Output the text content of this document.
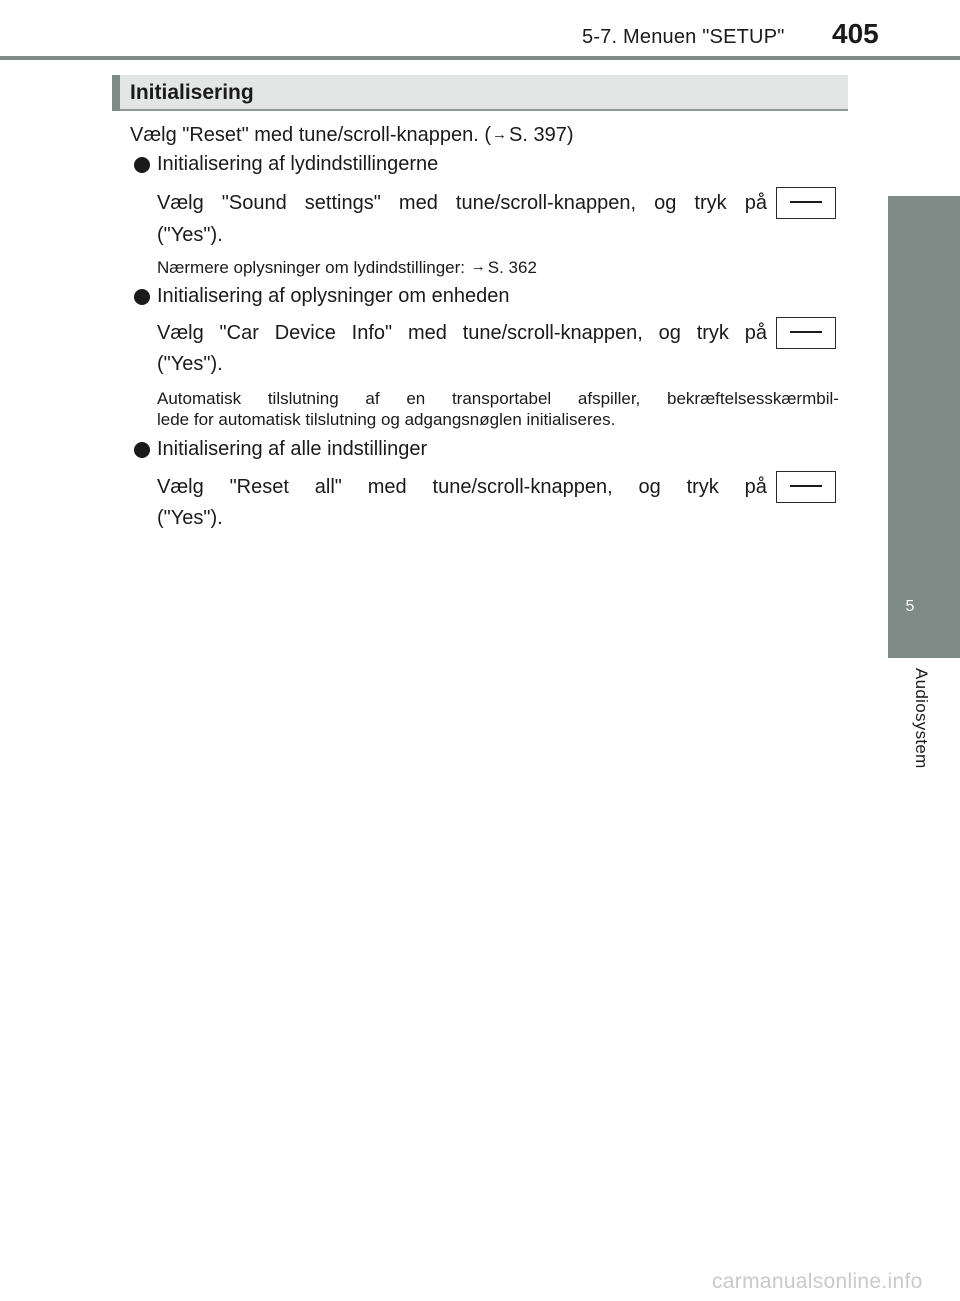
5-7. Menuen "SETUP" 405
5
Audiosystem
Initialisering
Vælg "Reset" med tune/scroll-knappen. (→ S. 397)
Initialisering af lydindstillingerne
Vælg "Sound settings" med tune/scroll-knappen, og tryk på
("Yes").
Nærmere oplysninger om lydindstillinger: → S. 362
Initialisering af oplysninger om enheden
Vælg "Car Device Info" med tune/scroll-knappen, og tryk på
("Yes").
Automatisk tilslutning af en transportabel afspiller, bekræftelsesskærmbil-
lede for automatisk tilslutning og adgangsnøglen initialiseres.
Initialisering af alle indstillinger
Vælg "Reset all" med tune/scroll-knappen, og tryk på
("Yes").
carmanualsonline.info
